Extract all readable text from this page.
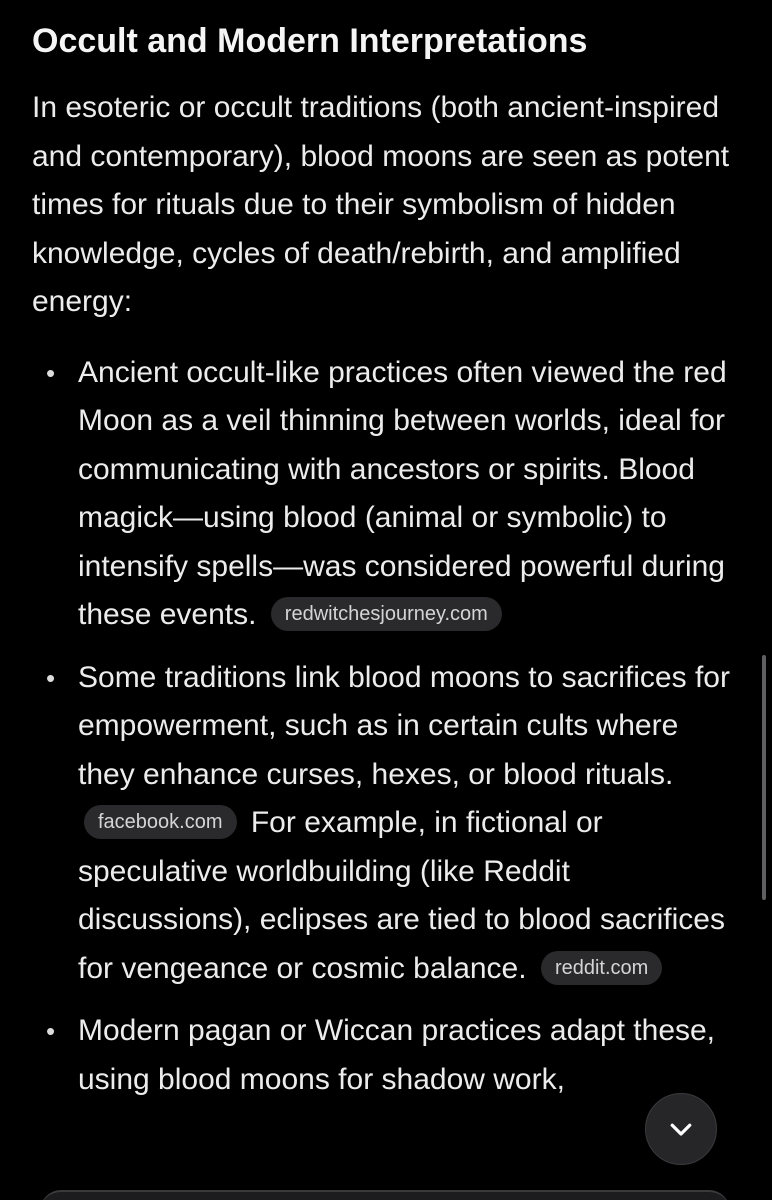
Occult and Modern Interpretations

In esoteric or occult traditions (both ancient-inspired and contemporary), blood moons are seen as potent times for rituals due to their symbolism of hidden knowledge, cycles of death/rebirth, and amplified energy:

• Ancient occult-like practices often viewed the red Moon as a veil thinning between worlds, ideal for communicating with ancestors or spirits. Blood magick—using blood (animal or symbolic) to intensify spells—was considered powerful during these events. redwitchesjourney.com
• Some traditions link blood moons to sacrifices for empowerment, such as in certain cults where they enhance curses, hexes, or blood rituals. facebook.com For example, in fictional or speculative worldbuilding (like Reddit discussions), eclipses are tied to blood sacrifices for vengeance or cosmic balance. reddit.com
• Modern pagan or Wiccan practices adapt these, using blood moons for shadow work,
